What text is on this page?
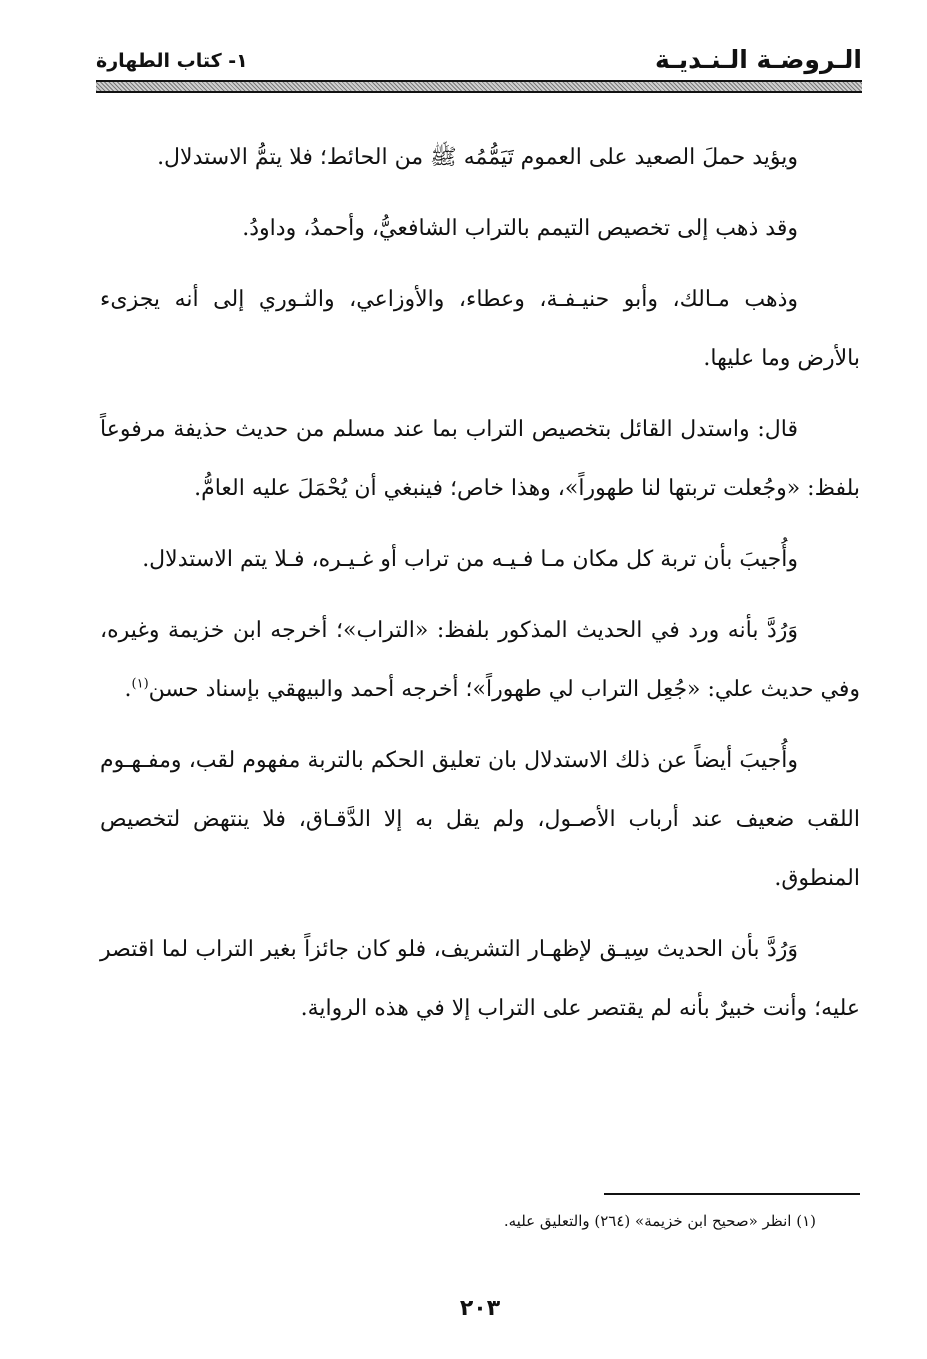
الـروضـة الـنـديـة
١- كتاب الطهارة

ويؤيد حملَ الصعيد على العموم تَيَمُّمُه ﷺ من الحائط؛ فلا يتمُّ الاستدلال.

وقد ذهب إلى تخصيص التيمم بالتراب الشافعيُّ، وأحمدُ، وداودُ.

وذهب مـالك، وأبو حنيـفـة، وعطاء، والأوزاعي، والثـوري إلى أنه يجزىء بالأرض وما عليها.

قال: واستدل القائل بتخصيص التراب بما عند مسلم من حديث حذيفة مرفوعاً بلفظ: «وجُعلت تربتها لنا طهوراً»، وهذا خاص؛ فينبغي أن يُحْمَلَ عليه العامُّ.

وأُجيبَ بأن تربة كل مكان مـا فـيـه من تراب أو غـيـره، فـلا يتم الاستدلال.

وَرُدَّ بأنه ورد في الحديث المذكور بلفظ: «التراب»؛ أخرجه ابن خزيمة وغيره، وفي حديث علي: «جُعِل التراب لي طهوراً»؛ أخرجه أحمد والبيهقي بإسناد حسن$^{(١)}$.

وأُجيبَ أيضاً عن ذلك الاستدلال بان تعليق الحكم بالتربة مفهوم لقب، ومفـهـوم اللقب ضعيف عند أرباب الأصـول، ولم يقل به إلا الدَّقـاق، فلا ينتهض لتخصيص المنطوق.

وَرُدَّ بأن الحديث سِيـق لإظهـار التشريف، فلو كان جائزاً بغير التراب لما اقتصر عليه؛ وأنت خبيرٌ بأنه لم يقتصر على التراب إلا في هذه الرواية.

(١) انظر «صحيح ابن خزيمة» (٢٦٤) والتعليق عليه.
٢٠٣
